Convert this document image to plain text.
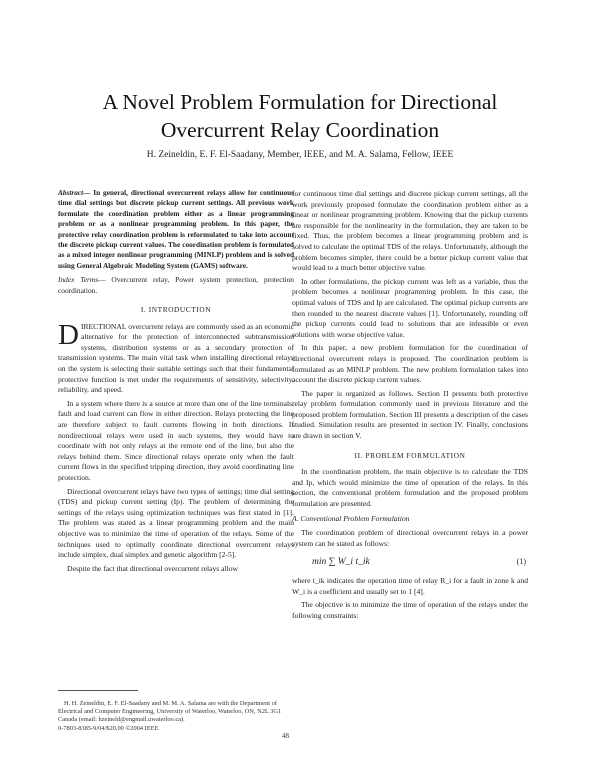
A Novel Problem Formulation for Directional
Overcurrent Relay Coordination
H. Zeineldin, E. F. El-Saadany, Member, IEEE, and M. A. Salama, Fellow, IEEE
Abstract— In general, directional overcurrent relays allow for continuous time dial settings but discrete pickup current settings. All previous work formulate the coordination problem either as a linear programming problem or as a nonlinear programming problem. In this paper, the protective relay coordination problem is reformulated to take into account the discrete pickup current values. The coordination problem is formulated as a mixed integer nonlinear programming (MINLP) problem and is solved using General Algebraic Modeling System (GAMS) software.
Index Terms— Overcurrent relay, Power system protection, protection coordination.
I. INTRODUCTION

DIRECTIONAL overcurrent relays are commonly used as an economic alternative for the protection of interconnected subtransmission systems, distribution systems or as a secondary protection of transmission systems. The main vital task when installing directional relays on the system is selecting their suitable settings such that their fundamental protective function is met under the requirements of sensitivity, selectivity, reliability, and speed.

In a system where there is a source at more than one of the line terminals, fault and load current can flow in either direction. Relays protecting the line are therefore subject to fault currents flowing in both directions. If nondirectional relays were used in such systems, they would have to coordinate with not only relays at the remote end of the line, but also the relays behind them. Since directional relays operate only when the fault current flows in the specified tripping direction, they avoid coordinating line protection.

Directional overcurrent relays have two types of settings; time dial setting (TDS) and pickup current setting (Ip). The problem of determining the settings of the relays using optimization techniques was first stated in [1]. The problem was stated as a linear programming problem and the main objective was to minimize the time of operation of the relays. Some of the techniques used to optimally coordinate directional overcurrent relays include simplex, dual simplex and genetic algorithm [2-5].

Despite the fact that directional overcurrent relays allow

for continuous time dial settings and discrete pickup current settings, all the work previously proposed formulate the coordination problem either as a linear or nonlinear programming problem. Knowing that the pickup currents are responsible for the nonlinearity in the formulation, they are taken to be fixed. Thus, the problem becomes a linear programming problem and is solved to calculate the optimal TDS of the relays. Unfortunately, although the problem becomes simpler, there could be a better pickup current value that would lead to a much better objective value.

In other formulations, the pickup current was left as a variable, thus the problem becomes a nonlinear programming problem. In this case, the optimal values of TDS and Ip are calculated. The optimal pickup currents are then rounded to the nearest discrete values [1]. Unfortunately, rounding off the pickup currents could lead to solutions that are infeasible or even solutions with worse objective value.

In this paper, a new problem formulation for the coordination of directional overcurrent relays is proposed. The coordination problem is formulated as an MINLP problem. The new problem formulation takes into account the discrete pickup current values.

The paper is organized as follows. Section II presents both protective relay problem formulation commonly used in previous literature and the proposed problem formulation. Section III presents a description of the cases studied. Simulation results are presented in section IV. Finally, conclusions are drawn in section V.

II. PROBLEM FORMULATION

In the coordination problem, the main objective is to calculate the TDS and Ip, which would minimize the time of operation of the relays. In this section, the conventional problem formulation and the proposed problem formulation are presented.

A. Conventional Problem Formulation

The coordination problem of directional overcurrent relays in a power system can be stated as follows:

min ∑ W_i t_ik	(1)

where t_ik indicates the operation time of relay R_i for a fault in zone k and W_i is a coefficient and usually set to 1 [4].

The objective is to minimize the time of operation of the relays under the following constraints:

H. H. Zeineldin, E. F. El-Saadany and M. M. A. Salama are with the Department of Electrical and Computer Engineering, University of Waterloo, Waterloo, ON, N2L 3G1 Canada (email: hzeineld@engmail.uwaterloo.ca).
0-7803-8385-9/04/$20.00 ©2004 IEEE
48
